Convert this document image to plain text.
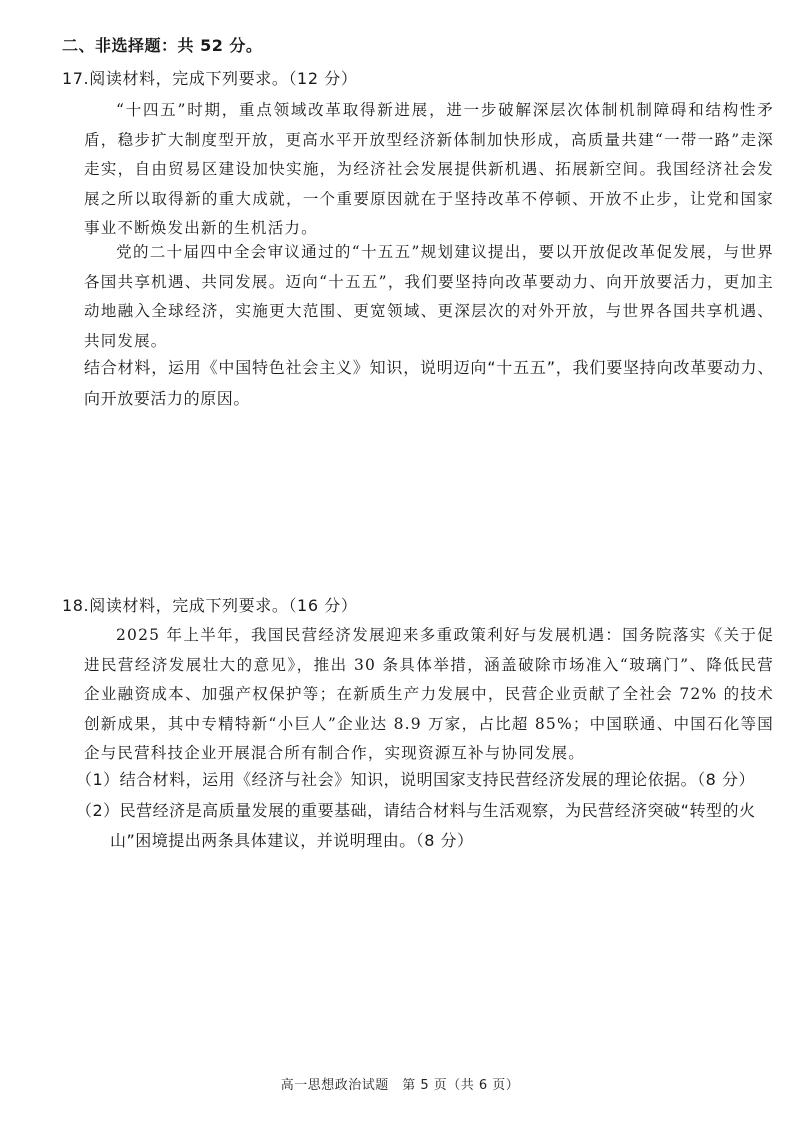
二、非选择题：共 52 分。
17.阅读材料，完成下列要求。（12 分）
“十四五”时期，重点领域改革取得新进展，进一步破解深层次体制机制障碍和结构性矛盾，稳步扩大制度型开放，更高水平开放型经济新体制加快形成，高质量共建“一带一路”走深走实，自由贸易区建设加快实施，为经济社会发展提供新机遇、拓展新空间。我国经济社会发展之所以取得新的重大成就，一个重要原因就在于坚持改革不停顿、开放不止步，让党和国家事业不断焕发出新的生机活力。
党的二十届四中全会审议通过的“十五五”规划建议提出，要以开放促改革促发展，与世界各国共享机遇、共同发展。迈向“十五五”，我们要坚持向改革要动力、向开放要活力，更加主动地融入全球经济，实施更大范围、更宽领域、更深层次的对外开放，与世界各国共享机遇、共同发展。
结合材料，运用《中国特色社会主义》知识，说明迈向“十五五”，我们要坚持向改革要动力、向开放要活力的原因。
18.阅读材料，完成下列要求。（16 分）
2025 年上半年，我国民营经济发展迎来多重政策利好与发展机遇：国务院落实《关于促进民营经济发展壮大的意见》，推出 30 条具体举措，涵盖破除市场准入“玻璃门”、降低民营企业融资成本、加强产权保护等；在新质生产力发展中，民营企业贡献了全社会 72% 的技术创新成果，其中专精特新“小巨人”企业达 8.9 万家，占比超 85%；中国联通、中国石化等国企与民营科技企业开展混合所有制合作，实现资源互补与协同发展。
（1）结合材料，运用《经济与社会》知识，说明国家支持民营经济发展的理论依据。（8 分）
（2）民营经济是高质量发展的重要基础，请结合材料与生活观察，为民营经济突破“转型的火山”困境提出两条具体建议，并说明理由。（8 分）
高一思想政治试题　第 5 页（共 6 页）
